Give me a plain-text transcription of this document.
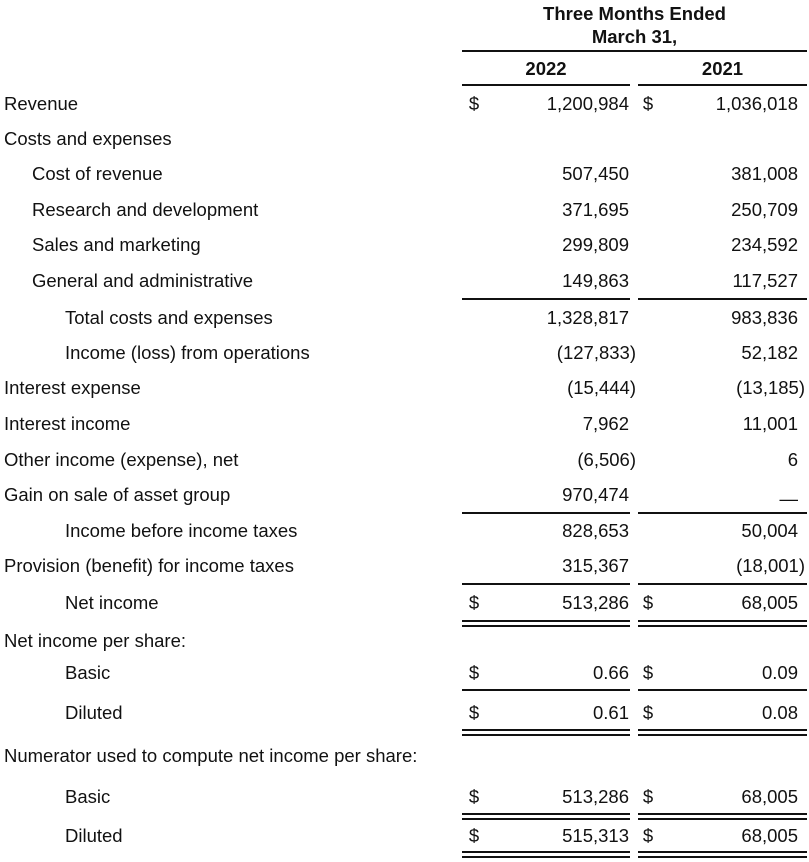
Three Months Ended
March 31,
2022	2021
Revenue	$	1,200,984 $	1,036,018
Costs and expenses
Cost of revenue	507,450	381,008
Research and development	371,695	250,709
Sales and marketing	299,809	234,592
General and administrative	149,863	117,527
Total costs and expenses	1,328,817	983,836
Income (loss) from operations	(127,833)	52,182
Interest expense	(15,444)	(13,185)
Interest income	7,962	11,001
Other income (expense), net	(6,506)	6
Gain on sale of asset group	970,474	—
Income before income taxes	828,653	50,004
Provision (benefit) for income taxes	315,367	(18,001)
Net income	$	513,286 $	68,005
Net income per share:
Basic	$	0.66 $	0.09
Diluted	$	0.61 $	0.08
Numerator used to compute net income per share:
Basic	$	513,286 $	68,005
Diluted	$	515,313 $	68,005
